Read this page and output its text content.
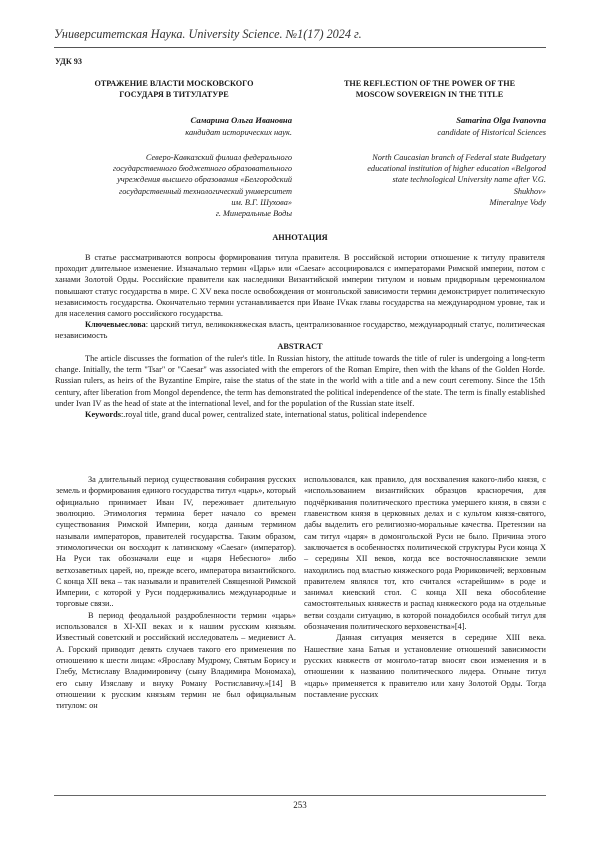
Университетская Наука. University Science. №1(17) 2024 г.
УДК 93
ОТРАЖЕНИЕ ВЛАСТИ МОСКОВСКОГО
ГОСУДАРЯ В ТИТУЛАТУРЕ
Самарина Ольга Ивановна
кандидат исторических наук.
Северо-Кавказский филиал федерального
государственного бюджетного образовательного
учреждения высшего образования «Белгородский
государственный технологический университет
им. В.Г. Шухова»
г. Минеральные Воды
THE REFLECTION OF THE POWER OF THE
MOSCOW SOVEREIGN IN THE TITLE
Samarina Olga Ivanovna
candidate of Historical Sciences
North Caucasian branch of Federal state Budgetary
educational institution of higher education «Belgorod
state technological University name after V.G.
Shukhov»
Mineralnye Vody
АННОТАЦИЯ

В статье рассматриваются вопросы формирования титула правителя. В российской истории отношение к титулу правителя проходит длительное изменение. Изначально термин «Царь» или «Caesar» ассоциировался с императорами Римской империи, потом с ханами Золотой Орды. Российские правители как наследники Византийской империи титулом и новым придворным церемониалом повышают статус государства в мире. С XV века после освобождения от монгольской зависимости термин демонстрирует политическую независимость государства. Окончательно термин устанавливается при Иване IVкак главы государства на международном уровне, так и для населения самого российского государства.

Ключевыеслова: царский титул, великокняжеская власть, централизованное государство, международный статус, политическая независимость

ABSTRACT

The article discusses the formation of the ruler's title. In Russian history, the attitude towards the title of ruler is undergoing a long-term change. Initially, the term "Tsar" or "Caesar" was associated with the emperors of the Roman Empire, then with the khans of the Golden Horde. Russian rulers, as heirs of the Byzantine Empire, raise the status of the state in the world with a title and a new court ceremony. Since the 15th century, after liberation from Mongol dependence, the term has demonstrated the political independence of the state. The term is finally established under Ivan IV as the head of state at the international level, and for the population of the Russian state itself.

Keywords:.royal title, grand ducal power, centralized state, international status, political independence

За длительный период существования собирания русских земель и формирования единого государства титул «царь», который официально принимает Иван IV, переживает длительную эволюцию. Этимология термина берет начало со времен существования Римской Империи, когда данным термином называли императоров, правителей государства. Таким образом, этимологически он восходит к латинскому «Caesar» (император). На Руси так обозначали еще и «царя Небесного» либо ветхозаветных царей, но, прежде всего, императора византийского. С конца XII века – так называли и правителей Священной Римской Империи, с которой у Руси поддерживались международные и торговые связи..

В период феодальной раздробленности термин «царь» использовался в XI-XII веках и к нашим русским князьям. Известный советский и российский исследователь – медиевист А. А. Горский приводит девять случаев такого его применения по отношению к шести лицам: «Ярославу Мудрому, Святым Борису и Глебу, Мстиславу Владимировичу (сыну Владимира Мономаха), его сыну Изяславу и внуку Роману Ростиславичу.»[14] В отношении к русским князьям термин не был официальным титулом: он

использовался, как правило, для восхваления какого-либо князя, с «использованием византийских образцов красноречия, для подчёркивания политического престижа умершего князя, в связи с главенством князя в церковных делах и с культом князя-святого, дабы выделить его религиозно-моральные качества. Претензии на сам титул «царя» в домонгольской Руси не было. Причина этого заключается в особенностях политической структуры Руси конца X – середины XII веков, когда все восточнославянские земли находились под властью княжеского рода Рюриковичей; верховным правителем являлся тот, кто считался «старейшим» в роде и занимал киевский стол. С конца XII века обособление самостоятельных княжеств и распад княжеского рода на отдельные ветви создали ситуацию, в которой понадобился особый титул для обозначения политического верховенства»[4].

Данная ситуация меняется в середине XIII века. Нашествие хана Батыя и установление отношений зависимости русских княжеств от монголо-татар вносят свои изменения и в отношении к названию политического лидера. Отныне титул «царь» применяется к правителю или хану Золотой Орды. Тогда поставление русских

253
